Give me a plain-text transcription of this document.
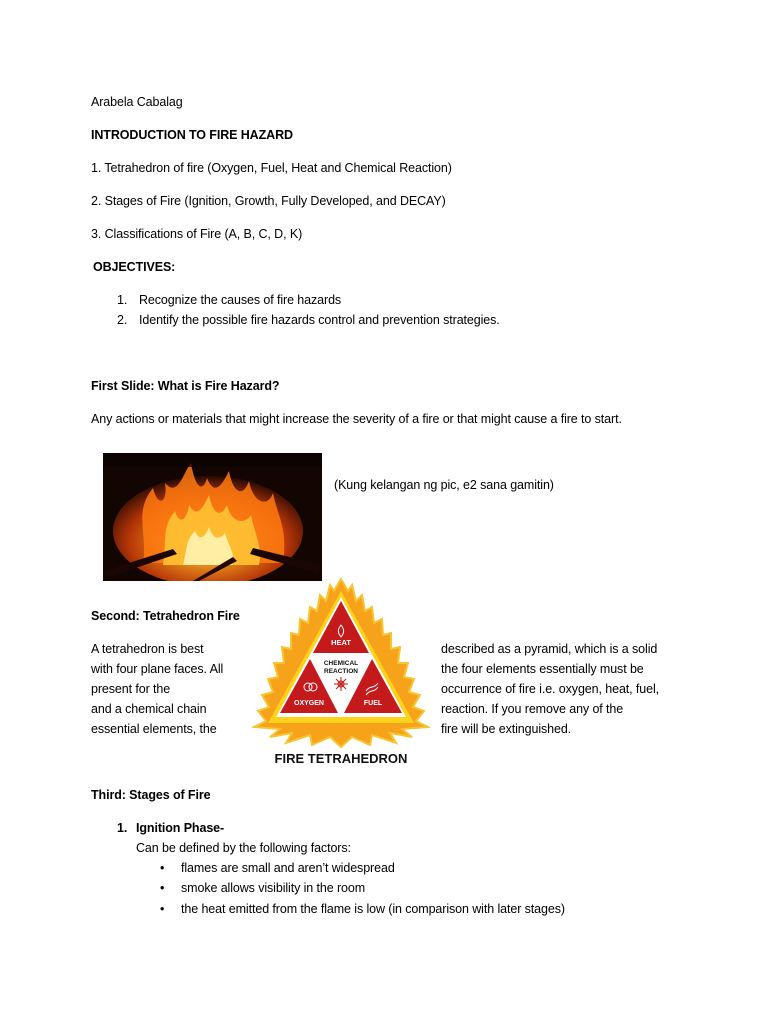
Arabela Cabalag
INTRODUCTION TO FIRE HAZARD
1. Tetrahedron of fire (Oxygen, Fuel, Heat and Chemical Reaction)
2. Stages of Fire (Ignition, Growth, Fully Developed, and DECAY)
3. Classifications of Fire (A, B, C, D, K)
OBJECTIVES:
1. Recognize the causes of fire hazards
2. Identify the possible fire hazards control and prevention strategies.
First Slide: What is Fire Hazard?
Any actions or materials that might increase the severity of a fire or that might cause a fire to start.
(Kung kelangan ng pic, e2 sana gamitin)
Second: Tetrahedron Fire
A tetrahedron is best
with four plane faces. All
present for the
and a chemical chain
essential elements, the
described as a pyramid, which is a solid
the four elements essentially must be
occurrence of fire i.e. oxygen, heat, fuel,
reaction. If you remove any of the
fire will be extinguished.
HEAT
CHEMICAL
REACTION
OXYGEN	FUEL
FIRE TETRAHEDRON
Third: Stages of Fire
1. Ignition Phase-
Can be defined by the following factors:
• flames are small and aren’t widespread
• smoke allows visibility in the room
• the heat emitted from the flame is low (in comparison with later stages)
